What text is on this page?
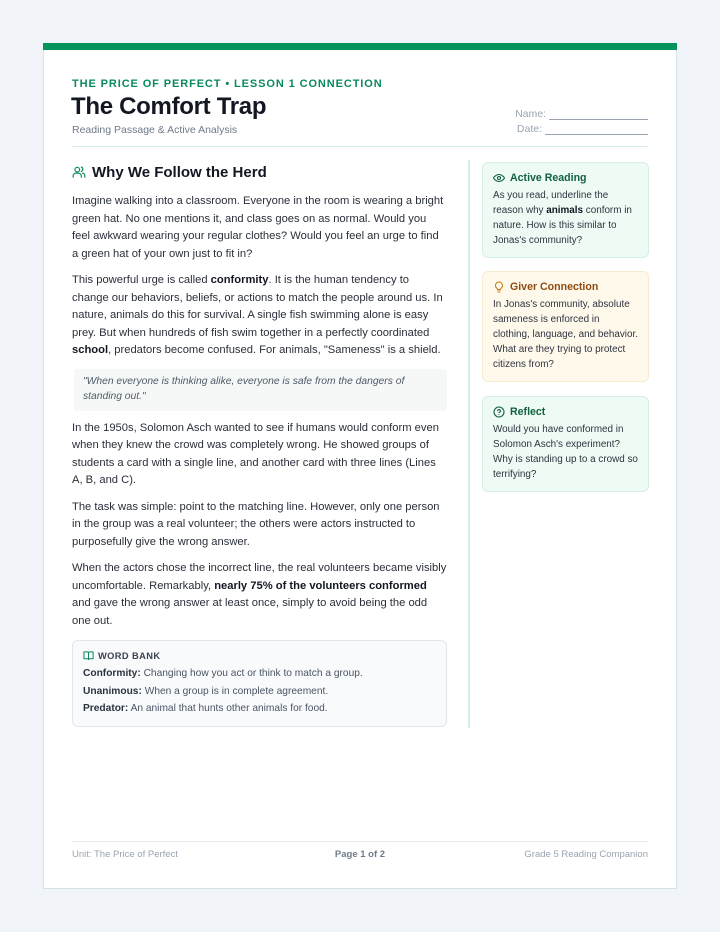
THE PRICE OF PERFECT • LESSON 1 CONNECTION
The Comfort Trap
Reading Passage & Active Analysis
Name:
Date:
Why We Follow the Herd

Imagine walking into a classroom. Everyone in the room is wearing a bright green hat. No one mentions it, and class goes on as normal. Would you feel awkward wearing your regular clothes? Would you feel an urge to find a green hat of your own just to fit in?

This powerful urge is called conformity. It is the human tendency to change our behaviors, beliefs, or actions to match the people around us. In nature, animals do this for survival. A single fish swimming alone is easy prey. But when hundreds of fish swim together in a perfectly coordinated school, predators become confused. For animals, "Sameness" is a shield.

"When everyone is thinking alike, everyone is safe from the dangers of standing out."

In the 1950s, Solomon Asch wanted to see if humans would conform even when they knew the crowd was completely wrong. He showed groups of students a card with a single line, and another card with three lines (Lines A, B, and C).

The task was simple: point to the matching line. However, only one person in the group was a real volunteer; the others were actors instructed to purposefully give the wrong answer.

When the actors chose the incorrect line, the real volunteers became visibly uncomfortable. Remarkably, nearly 75% of the volunteers conformed and gave the wrong answer at least once, simply to avoid being the odd one out.

WORD BANK
Conformity: Changing how you act or think to match a group.
Unanimous: When a group is in complete agreement.
Predator: An animal that hunts other animals for food.
Active Reading
As you read, underline the reason why animals conform in nature. How is this similar to Jonas's community?
Giver Connection
In Jonas's community, absolute sameness is enforced in clothing, language, and behavior. What are they trying to protect citizens from?
Reflect
Would you have conformed in Solomon Asch's experiment? Why is standing up to a crowd so terrifying?
Unit: The Price of Perfect	Page 1 of 2	Grade 5 Reading Companion
